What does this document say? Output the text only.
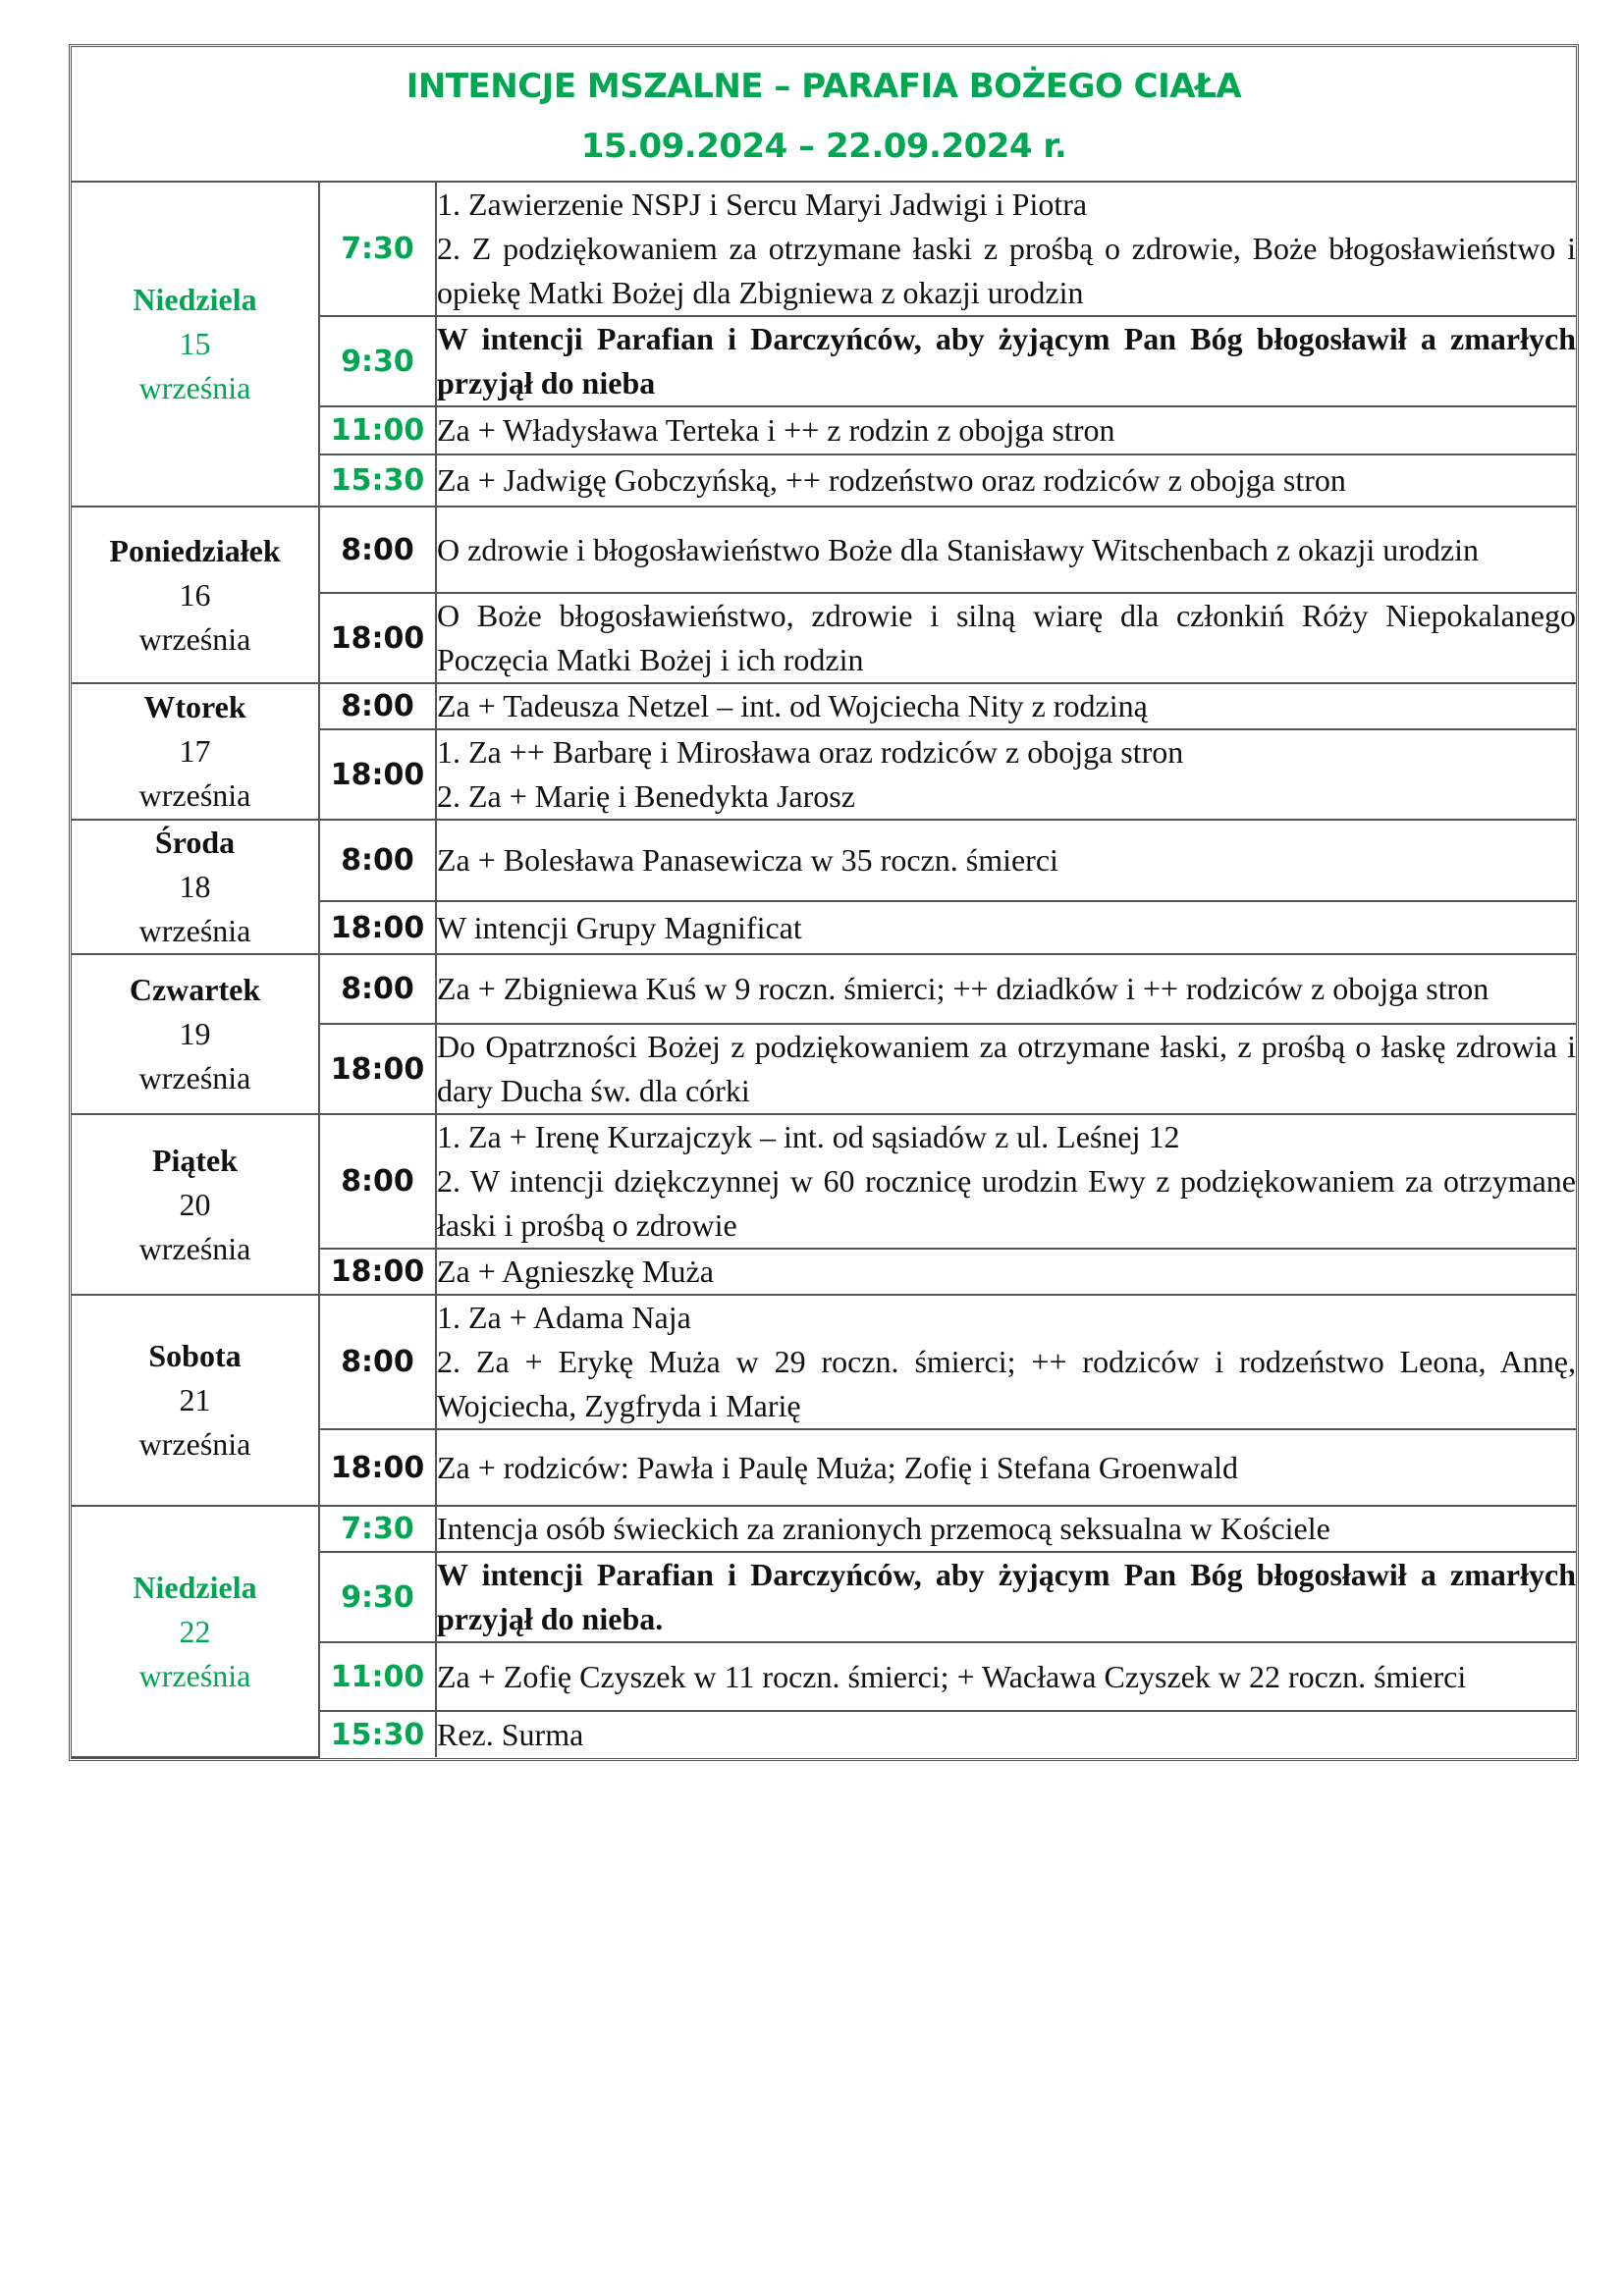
INTENCJE MSZALNE – PARAFIA BOŻEGO CIAŁA
15.09.2024 – 22.09.2024 r.
Niedziela
15
września	7:30	1. Zawierzenie NSPJ i Sercu Maryi Jadwigi i Piotra
2. Z podziękowaniem za otrzymane łaski z prośbą o zdrowie, Boże błogosławieństwo i opiekę Matki Bożej dla Zbigniewa z okazji urodzin

	9:30	W intencji Parafian i Darczyńców, aby żyjącym Pan Bóg błogosławił a zmarłych przyjął do nieba

	11:00	Za + Władysława Terteka i ++ z rodzin z obojga stron

	15:30	Za + Jadwigę Gobczyńską, ++ rodzeństwo oraz rodziców z obojga stron

Poniedziałek
16
września	8:00	O zdrowie i błogosławieństwo Boże dla Stanisławy Witschenbach z okazji urodzin

	18:00	O Boże błogosławieństwo, zdrowie i silną wiarę dla członkiń Róży Niepokalanego Poczęcia Matki Bożej i ich rodzin

Wtorek
17
września	8:00	Za + Tadeusza Netzel – int. od Wojciecha Nity z rodziną

	18:00	1. Za ++ Barbarę i Mirosława oraz rodziców z obojga stron
2. Za + Marię i Benedykta Jarosz

Środa
18
września	8:00	Za + Bolesława Panasewicza w 35 roczn. śmierci

	18:00	W intencji Grupy Magnificat

Czwartek
19
września	8:00	Za + Zbigniewa Kuś w 9 roczn. śmierci; ++ dziadków i ++ rodziców z obojga stron

	18:00	Do Opatrzności Bożej z podziękowaniem za otrzymane łaski, z prośbą o łaskę zdrowia i dary Ducha św. dla córki

Piątek
20
września	8:00	1. Za + Irenę Kurzajczyk – int. od sąsiadów z ul. Leśnej 12
2. W intencji dziękczynnej w 60 rocznicę urodzin Ewy z podziękowaniem za otrzymane łaski i prośbą o zdrowie

	18:00	Za + Agnieszkę Muża

Sobota
21
września	8:00	1. Za + Adama Naja
2. Za + Erykę Muża w 29 roczn. śmierci; ++ rodziców i rodzeństwo Leona, Annę, Wojciecha, Zygfryda i Marię

	18:00	Za + rodziców: Pawła i Paulę Muża; Zofię i Stefana Groenwald

Niedziela
22
września	7:30	Intencja osób świeckich za zranionych przemocą seksualna w Kościele

	9:30	W intencji Parafian i Darczyńców, aby żyjącym Pan Bóg błogosławił a zmarłych przyjął do nieba.

	11:00	Za + Zofię Czyszek w 11 roczn. śmierci; + Wacława Czyszek w 22 roczn. śmierci

	15:30	Rez. Surma
